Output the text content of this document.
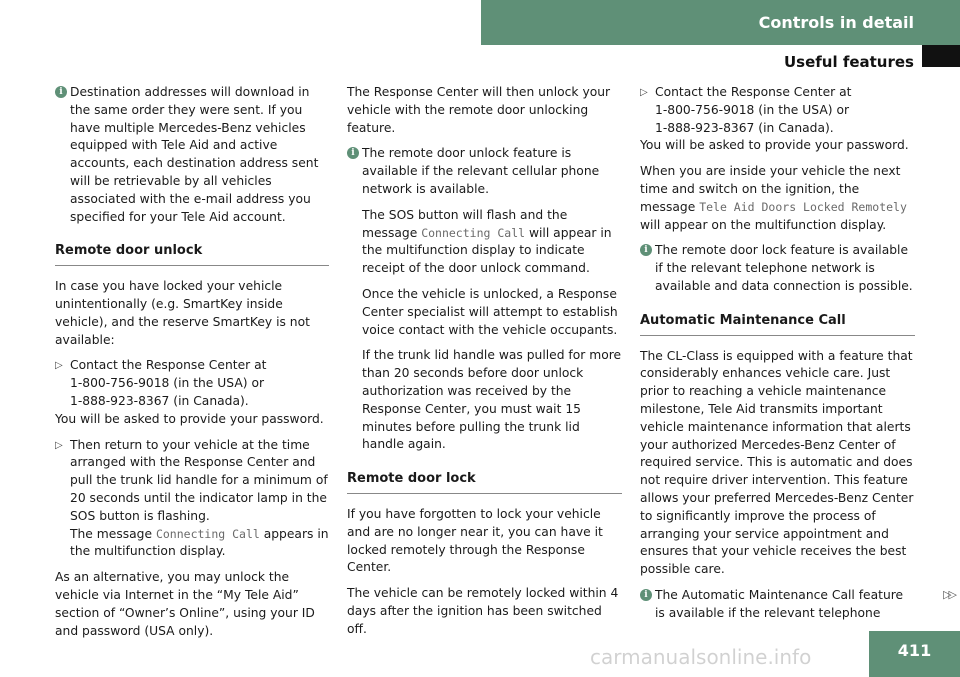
Controls in detail
Useful features
i Destination addresses will download in the same order they were sent. If you have multiple Mercedes-Benz vehicles equipped with Tele Aid and active accounts, each destination address sent will be retrievable by all vehicles associated with the e-mail address you specified for your Tele Aid account.
Remote door unlock

In case you have locked your vehicle unintentionally (e.g. SmartKey inside vehicle), and the reserve SmartKey is not available:

▷ Contact the Response Center at
1-800-756-9018 (in the USA) or
1-888-923-8367 (in Canada).
You will be asked to provide your password.
▷ Then return to your vehicle at the time arranged with the Response Center and pull the trunk lid handle for a minimum of 20 seconds until the indicator lamp in the SOS button is flashing.
The message Connecting Call appears in the multifunction display.

As an alternative, you may unlock the vehicle via Internet in the “My Tele Aid” section of “Owner’s Online”, using your ID and password (USA only).

The Response Center will then unlock your vehicle with the remote door unlocking feature.

i The remote door unlock feature is available if the relevant cellular phone network is available.

The SOS button will flash and the message Connecting Call will appear in the multifunction display to indicate receipt of the door unlock command.

Once the vehicle is unlocked, a Response Center specialist will attempt to establish voice contact with the vehicle occupants.

If the trunk lid handle was pulled for more than 20 seconds before door unlock authorization was received by the Response Center, you must wait 15 minutes before pulling the trunk lid handle again.

Remote door lock

If you have forgotten to lock your vehicle and are no longer near it, you can have it locked remotely through the Response Center.

The vehicle can be remotely locked within 4 days after the ignition has been switched off.

▷ Contact the Response Center at
1-800-756-9018 (in the USA) or
1-888-923-8367 (in Canada).
You will be asked to provide your password.

When you are inside your vehicle the next time and switch on the ignition, the message Tele Aid Doors Locked Remotely will appear on the multifunction display.

i The remote door lock feature is available if the relevant telephone network is available and data connection is possible.
Automatic Maintenance Call

The CL-Class is equipped with a feature that considerably enhances vehicle care. Just prior to reaching a vehicle maintenance milestone, Tele Aid transmits important vehicle maintenance information that alerts your authorized Mercedes-Benz Center of required service. This is automatic and does not require driver intervention. This feature allows your preferred Mercedes-Benz Center to significantly improve the process of arranging your service appointment and ensures that your vehicle receives the best possible care.

i The Automatic Maintenance Call feature is available if the relevant telephone
▷▷
411
carmanualsonline.info
